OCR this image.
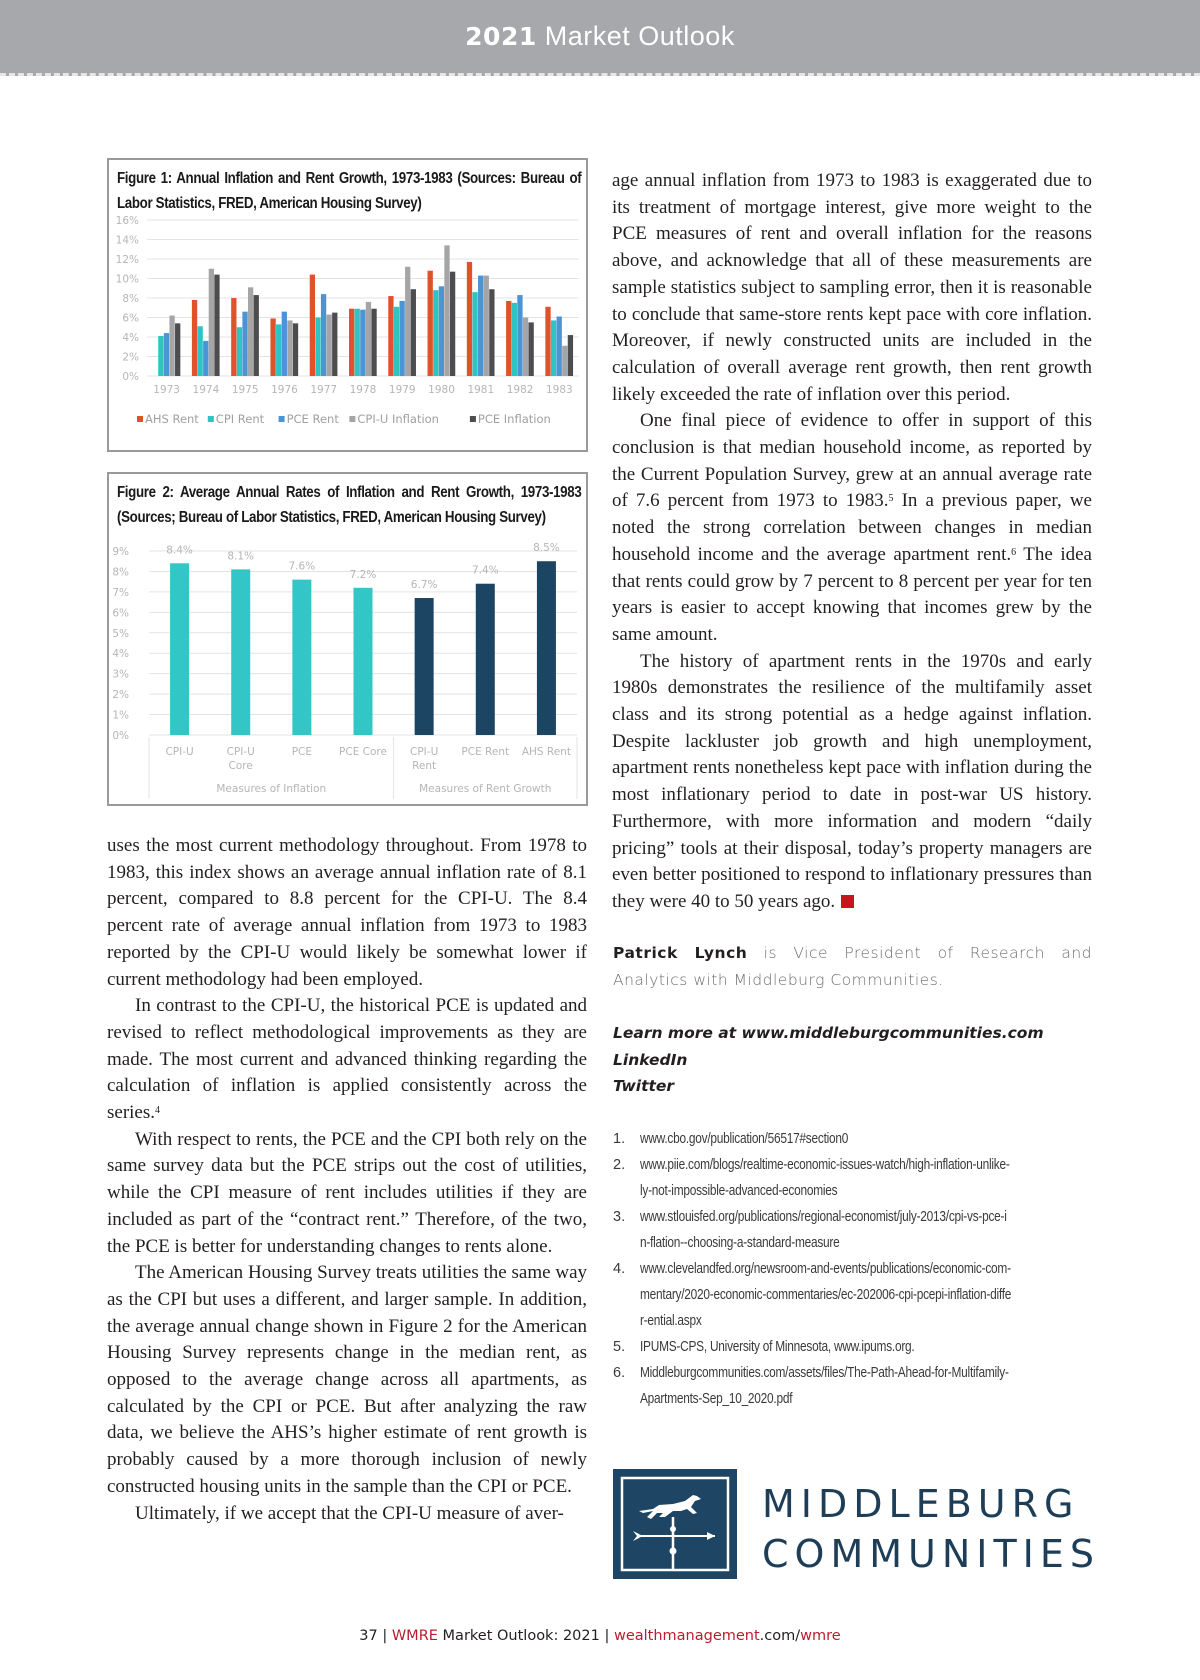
2021 Market Outlook
Figure 1: Annual Inflation and Rent Growth, 1973-1983 (Sources: Bureau of Labor Statistics, FRED, American Housing Survey)
0%
2%
4%
6%
8%
10%
12%
14%
16%
1973 1974 1975 1976 1977 1978 1979 1980 1981 1982 1983
AHS Rent CPI Rent PCE Rent CPI-U Inflation	PCE Inflation
Figure 2: Average Annual Rates of Inflation and Rent Growth, 1973-1983 (Sources; Bureau of Labor Statistics, FRED, American Housing Survey)
0%
1%
2%
3%
4%
5%
6%
7%
8%
9%	8.4%
CPI-U
8.1%
CPI-U
Core
7.6%
PCE
7.2%
PCE Core
6.7%
CPI-U
Rent
7.4%
PCE Rent
8.5%
AHS Rent
Measures of Inflation	Measures of Rent Growth

uses the most current methodology throughout. From 1978 to 1983, this index shows an average annual inflation rate of 8.1 percent, compared to 8.8 percent for the CPI-U. The 8.4 percent rate of average annual inflation from 1973 to 1983 reported by the CPI-U would likely be somewhat lower if current methodology had been employed.

In contrast to the CPI-U, the historical PCE is updated and revised to reflect methodological improvements as they are made. The most current and advanced thinking regarding the calculation of inflation is applied consistently across the series.$^4$

With respect to rents, the PCE and the CPI both rely on the same survey data but the PCE strips out the cost of utilities, while the CPI measure of rent includes utilities if they are included as part of the “contract rent.” Therefore, of the two, the PCE is better for understanding changes to rents alone.

The American Housing Survey treats utilities the same way as the CPI but uses a different, and larger sample. In addition, the average annual change shown in Figure 2 for the American Housing Survey represents change in the median rent, as opposed to the average change across all apartments, as calculated by the CPI or PCE. But after analyzing the raw data, we believe the AHS’s higher estimate of rent growth is probably caused by a more thorough inclusion of newly constructed housing units in the sample than the CPI or PCE.

Ultimately, if we accept that the CPI-U measure of aver-

age annual inflation from 1973 to 1983 is exaggerated due to its treatment of mortgage interest, give more weight to the PCE measures of rent and overall inflation for the reasons above, and acknowledge that all of these measurements are sample statistics subject to sampling error, then it is reasonable to conclude that same-store rents kept pace with core inflation. Moreover, if newly constructed units are included in the calculation of overall average rent growth, then rent growth likely exceeded the rate of inflation over this period.

One final piece of evidence to offer in support of this conclusion is that median household income, as reported by the Current Population Survey, grew at an annual average rate of 7.6 percent from 1973 to 1983.$^5$ In a previous paper, we noted the strong correlation between changes in median household income and the average apartment rent.$^6$ The idea that rents could grow by 7 percent to 8 percent per year for ten years is easier to accept knowing that incomes grew by the same amount.

The history of apartment rents in the 1970s and early 1980s demonstrates the resilience of the multifamily asset class and its strong potential as a hedge against inflation. Despite lackluster job growth and high unemployment, apartment rents nonetheless kept pace with inflation during the most inflationary period to date in post-war US history. Furthermore, with more information and modern “daily pricing” tools at their disposal, today’s property managers are even better positioned to respond to inflationary pressures than they were 40 to 50 years ago.

Patrick Lynch is Vice President of Research and Analytics with Middleburg Communities.
Learn more at www.middleburgcommunities.com
LinkedIn
Twitter
1.	www.cbo.gov/publication/56517#section0
2.	www.piie.com/blogs/realtime-economic-issues-watch/high-inflation-unlike-ly-not-impossible-advanced-economies
3.	www.stlouisfed.org/publications/regional-economist/july-2013/cpi-vs-pce-in-flation--choosing-a-standard-measure
4.	www.clevelandfed.org/newsroom-and-events/publications/economic-com-mentary/2020-economic-commentaries/ec-202006-cpi-pcepi-inflation-differ-ential.aspx
5.	IPUMS-CPS, University of Minnesota, www.ipums.org.
6.	Middleburgcommunities.com/assets/files/The-Path-Ahead-for-Multifamily-Apartments-Sep_10_2020.pdf
MIDDLEBURG
COMMUNITIES
37 | WMRE Market Outlook: 2021 | wealthmanagement.com/wmre
